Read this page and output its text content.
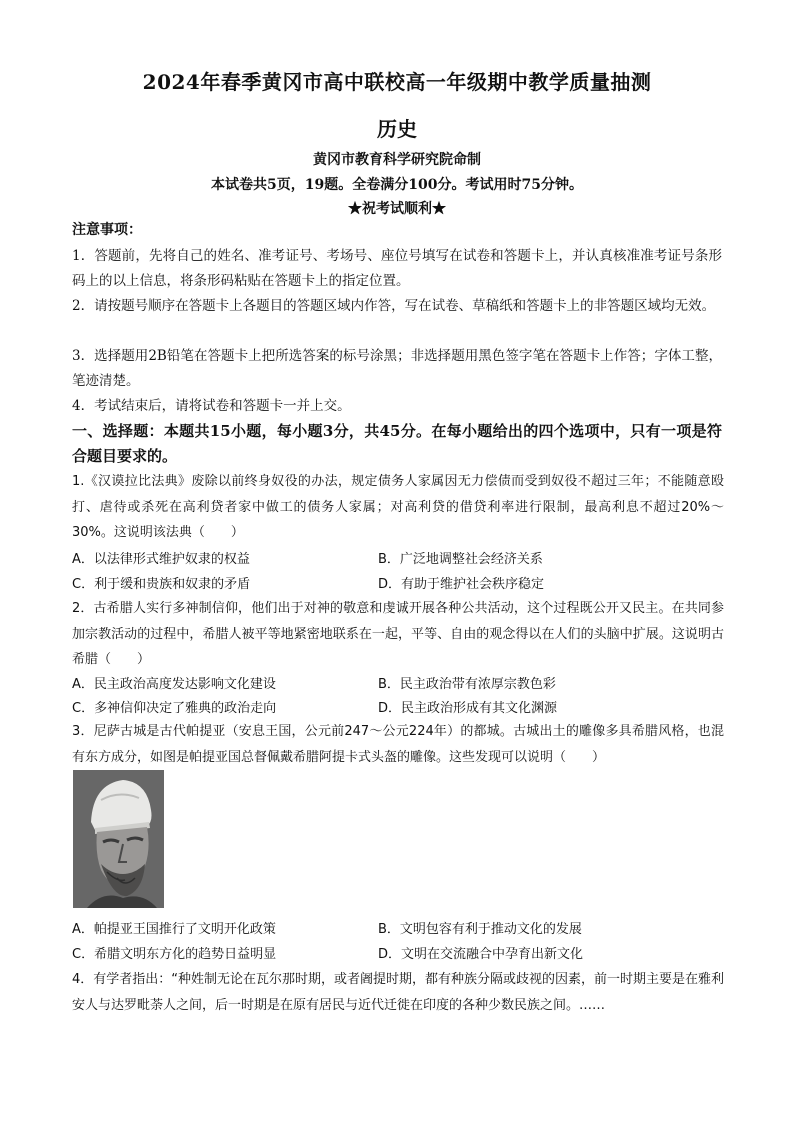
2024年春季黄冈市高中联校高一年级期中教学质量抽测
历史
黄冈市教育科学研究院命制
本试卷共5页，19题。全卷满分100分。考试用时75分钟。
★祝考试顺利★
注意事项：
1．答题前，先将自己的姓名、准考证号、考场号、座位号填写在试卷和答题卡上，并认真核准准考证号条形码上的以上信息，将条形码粘贴在答题卡上的指定位置。
2．请按题号顺序在答题卡上各题目的答题区域内作答，写在试卷、草稿纸和答题卡上的非答题区域均无效。
3．选择题用2B铅笔在答题卡上把所选答案的标号涂黑；非选择题用黑色签字笔在答题卡上作答；字体工整，笔迹清楚。
4．考试结束后，请将试卷和答题卡一并上交。
一、选择题：本题共15小题，每小题3分，共45分。在每小题给出的四个选项中，只有一项是符合题目要求的。
1.《汉谟拉比法典》废除以前终身奴役的办法，规定债务人家属因无力偿债而受到奴役不超过三年；不能随意殴打、虐待或杀死在高利贷者家中做工的债务人家属；对高利贷的借贷利率进行限制，最高利息不超过20%～30%。这说明该法典（　　）
A．以法律形式维护奴隶的权益	B．广泛地调整社会经济关系
C．利于缓和贵族和奴隶的矛盾	D．有助于维护社会秩序稳定
2．古希腊人实行多神制信仰，他们出于对神的敬意和虔诚开展各种公共活动，这个过程既公开又民主。在共同参加宗教活动的过程中，希腊人被平等地紧密地联系在一起，平等、自由的观念得以在人们的头脑中扩展。这说明古希腊（　　）
A．民主政治高度发达影响文化建设	B．民主政治带有浓厚宗教色彩
C．多神信仰决定了雅典的政治走向	D．民主政治形成有其文化渊源
3．尼萨古城是古代帕提亚（安息王国，公元前247～公元224年）的都城。古城出土的雕像多具希腊风格，也混有东方成分，如图是帕提亚国总督佩戴希腊阿提卡式头盔的雕像。这些发现可以说明（　　）
A．帕提亚王国推行了文明开化政策	B．文明包容有利于推动文化的发展
C．希腊文明东方化的趋势日益明显	D．文明在交流融合中孕育出新文化
4．有学者指出：“种姓制无论在瓦尔那时期，或者阇提时期，都有种族分隔或歧视的因素，前一时期主要是在雅利安人与达罗毗荼人之间，后一时期是在原有居民与近代迁徙在印度的各种少数民族之间。……
